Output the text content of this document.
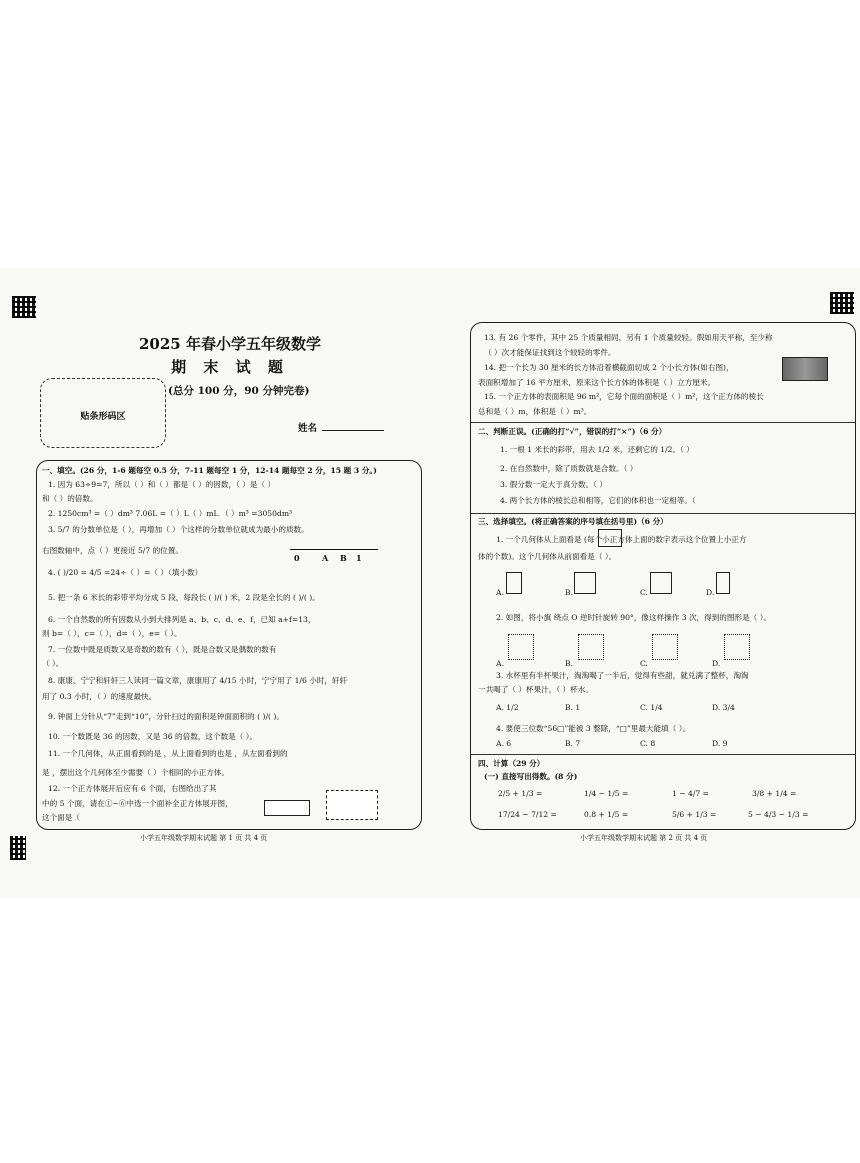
2025 年春小学五年级数学
期 末 试 题
(总分 100 分，90 分钟完卷)
贴条形码区
姓名
一、填空。(26 分，1-6 题每空 0.5 分，7-11 题每空 1 分，12-14 题每空 2 分，15 题 3 分。)
1. 因为 63÷9=7，所以（ ）和（ ）都是（ ）的因数，（ ）是（ ）
和（ ）的倍数。
2. 1250cm³ =（ ）dm³ 7.06L =（ ）L（ ）mL （ ）m³ =3050dm³
3. 5/7 的分数单位是（ ），再增加（ ）个这样的分数单位就成为最小的质数。
右图数轴中，点（ ）更接近 5/7 的位置。
0	A B 1
4. ( )/20 = 4/5 =24÷（ ）=（ ）（填小数）
5. 把一条 6 米长的彩带平均分成 5 段，每段长 ( )/( ) 米，2 段是全长的 ( )/( )。
6. 一个自然数的所有因数从小到大排列是 a、b、c、d、e、f，已知 a+f=13，
则 b=（ ），c=（ ），d=（ ），e=（ ）。
7. 一位数中既是质数又是奇数的数有（ ），既是合数又是偶数的数有
（ ）。
8. 康康、宁宁和轩轩三人读同一篇文章，康康用了 4/15 小时，宁宁用了 1/6 小时，轩轩
用了 0.3 小时，（ ）的速度最快。
9. 钟面上分针从“7”走到“10”，分针扫过的面积是钟面面积的 ( )/( )。
10. 一个数既是 36 的因数，又是 36 的倍数，这个数是（ ）。
11. 一个几何体，从正面看到的是 ，从上面看到的也是 ，从左面看到的
是 ，摆出这个几何体至少需要（ ）个相同的小正方体。
12. 一个正方体展开后应有 6 个面，右图给出了其
中的 5 个面，请在①~⑥中选一个面补全正方体展开图，
这个面是（
小学五年级数学期末试题 第 1 页 共 4 页
13. 有 26 个零件，其中 25 个质量相同，另有 1 个质量较轻。假如用天平称，至少称
（ ）次才能保证找到这个较轻的零件。
14. 把一个长为 30 厘米的长方体沿着横截面切成 2 个小长方体(如右图)，
表面积增加了 16 平方厘米，原来这个长方体的体积是（ ）立方厘米。
15. 一个正方体的表面积是 96 m²，它每个面的面积是（ ）m²，这个正方体的棱长
总和是（ ）m，体积是（ ）m³。
二、判断正误。(正确的打“√”，错误的打“×”)（6 分）
1. 一根 1 米长的彩带，用去 1/2 米，还剩它的 1/2。（ ）
2. 在自然数中，除了质数就是合数。（ ）
3. 假分数一定大于真分数。（ ）
4. 两个长方体的棱长总和相等，它们的体积也一定相等。（
三、选择填空。(将正确答案的序号填在括号里)（6 分）
1. 一个几何体从上面看是 (每个小正方体上面的数字表示这个位置上小正方
体的个数)。这个几何体从前面看是（ ）。
A.	B.	C.	D.
2. 如图，将小旗 绕点 O 逆时针旋转 90°，像这样操作 3 次，得到的图形是（ ）。
A.	B.	C.	D.
3. 水杯里有半杯果汁，淘淘喝了一半后，觉得有些甜，就兑满了整杯，淘淘
一共喝了（ ）杯果汁，（ ）杯水。
A. 1/2	B. 1	C. 1/4	D. 3/4
4. 要使三位数“56□”能被 3 整除，“□”里最大能填（ ）。
A. 6	B. 7	C. 8	D. 9
四、计算（29 分）
(一) 直接写出得数。(8 分)
2/5 + 1/3 =	1/4 − 1/5 =	1 − 4/7 =	3/8 + 1/4 =
17/24 − 7/12 =	0.8 + 1/5 =	5/6 + 1/3 =	5 − 4/3 − 1/3 =
小学五年级数学期末试题 第 2 页 共 4 页
